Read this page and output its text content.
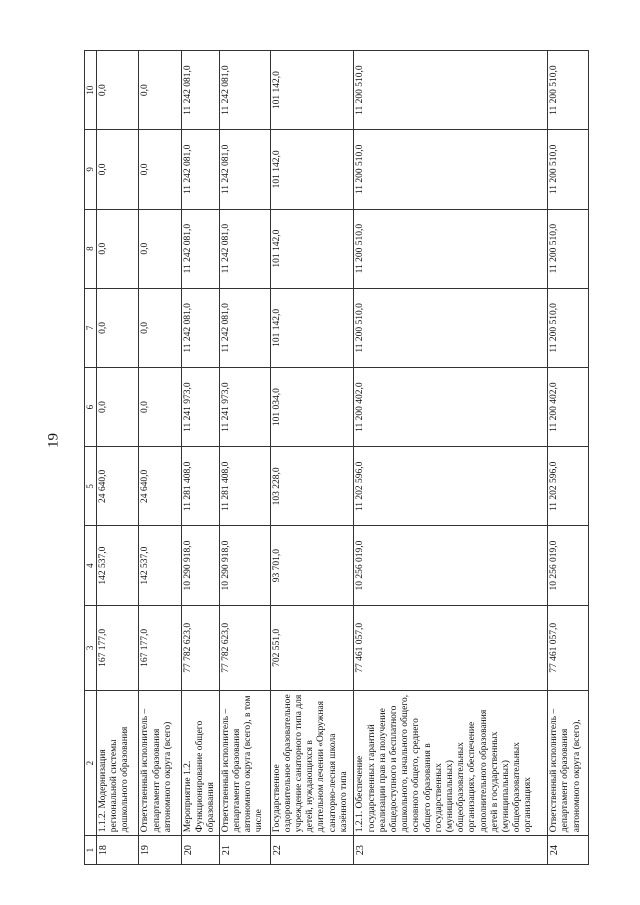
19
1	2	3	4	5	6	7	8	9	10
18	1.1.2. Модернизация региональной системы дошкольного образования	167 177,0	142 537,0	24 640,0	0,0	0,0	0,0	0,0	0,0
19	Ответственный исполнитель – департамент образования автономного округа (всего)	167 177,0	142 537,0	24 640,0	0,0	0,0	0,0	0,0	0,0
20	Мероприятие 1.2. Функционирование общего образования	77 782 623,0	10 290 918,0	11 281 408,0	11 241 973,0	11 242 081,0	11 242 081,0	11 242 081,0	11 242 081,0
21	Ответственный исполнитель – департамент образования автономного округа (всего), в том числе	77 782 623,0	10 290 918,0	11 281 408,0	11 241 973,0	11 242 081,0	11 242 081,0	11 242 081,0	11 242 081,0
22	Государственное оздоровительное образовательное учреждение санаторного типа для детей, нуждающихся в длительном лечении «Окружная санаторно-лесная школа казённого типа	702 551,0	93 701,0	103 228,0	101 034,0	101 142,0	101 142,0	101 142,0	101 142,0
23	1.2.1. Обеспечение государственных гарантий реализации прав на получение общедоступного и бесплатного дошкольного, начального общего, основного общего, среднего общего образования в государственных (муниципальных) общеобразовательных организациях, обеспечение дополнительного образования детей в государственных (муниципальных) общеобразовательных организациях	77 461 057,0	10 256 019,0	11 202 596,0	11 200 402,0	11 200 510,0	11 200 510,0	11 200 510,0	11 200 510,0
24	Ответственный исполнитель – департамент образования автономного округа (всего),	77 461 057,0	10 256 019,0	11 202 596,0	11 200 402,0	11 200 510,0	11 200 510,0	11 200 510,0	11 200 510,0
